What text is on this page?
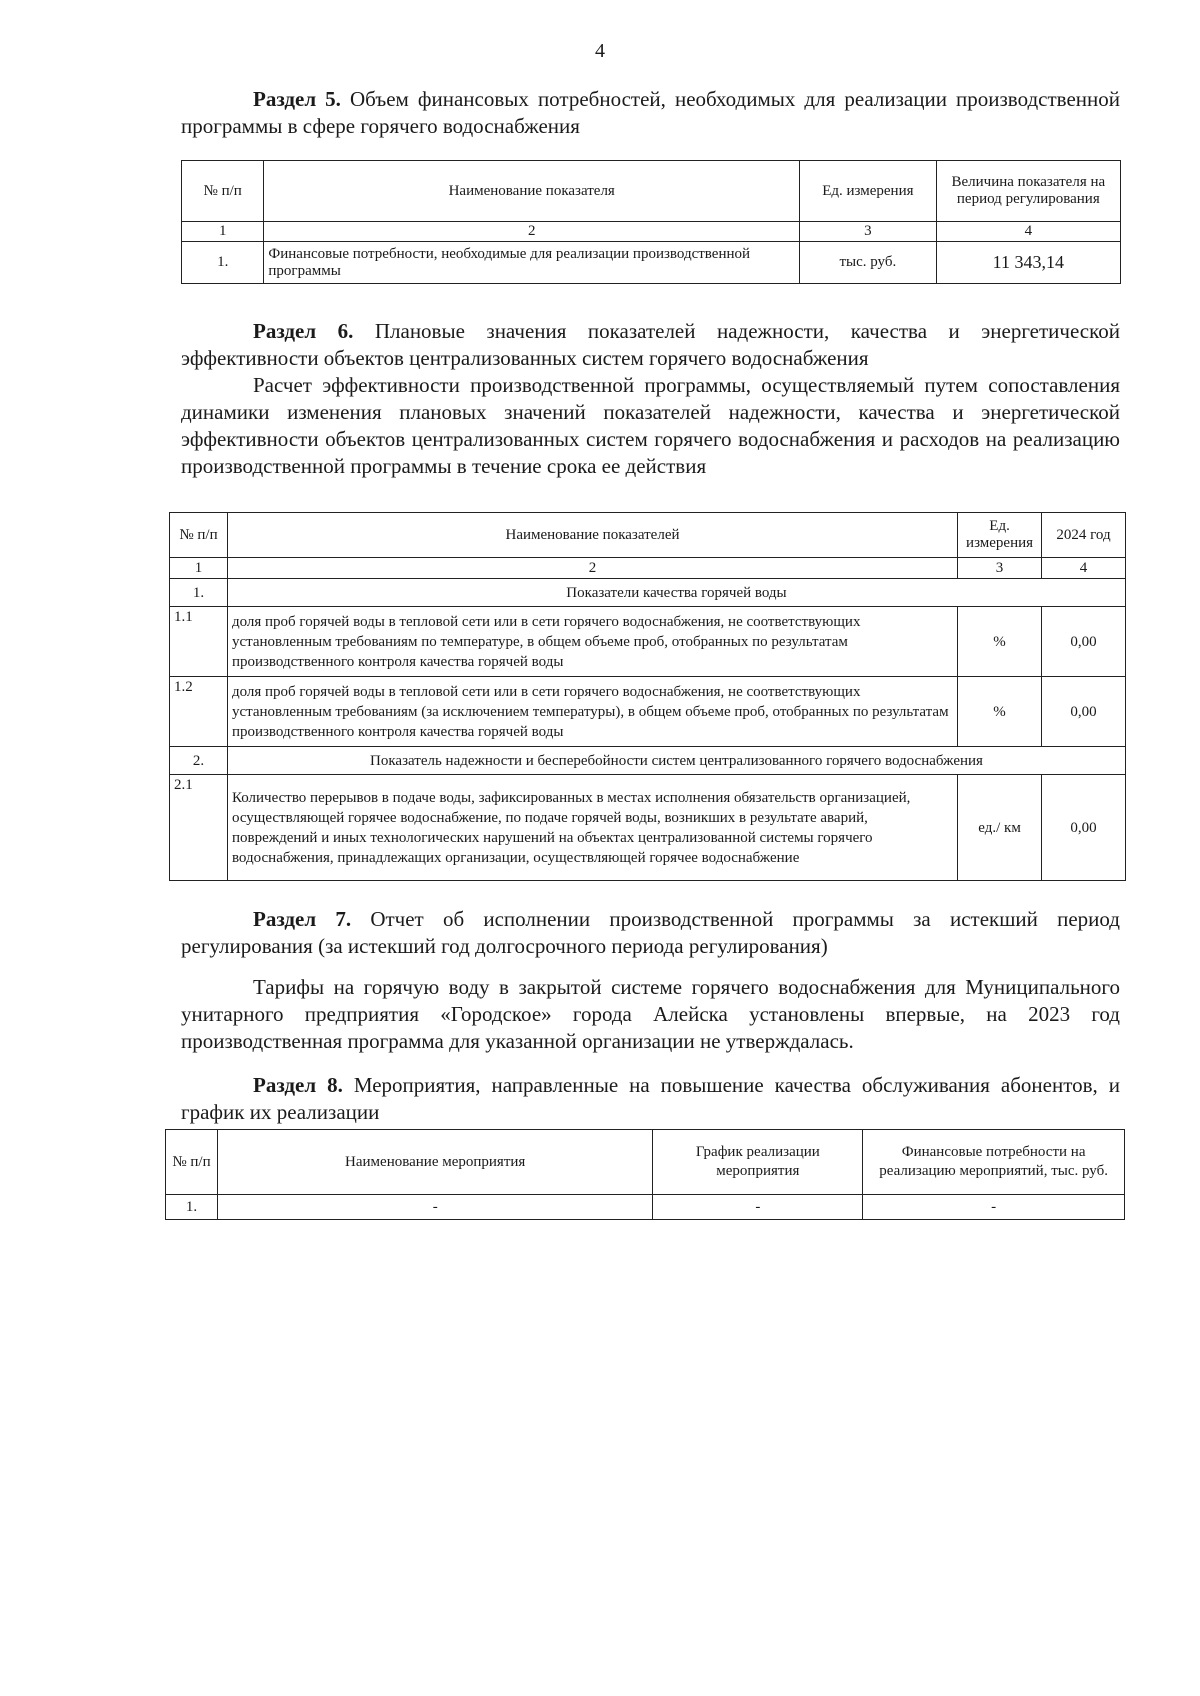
4
Раздел 5. Объем финансовых потребностей, необходимых для реализации производственной программы в сфере горячего водоснабжения
№ п/п	Наименование показателя	Ед. измерения	Величина показателя на период регулирования
1	2	3	4
1.	Финансовые потребности, необходимые для реализации производственной программы	тыс. руб.	11 343,14
Раздел 6. Плановые значения показателей надежности, качества и энергетической эффективности объектов централизованных систем горячего водоснабжения
Расчет эффективности производственной программы, осуществляемый путем сопоставления динамики изменения плановых значений показателей надежности, качества и энергетической эффективности объектов централизованных систем горячего водоснабжения и расходов на реализацию производственной программы в течение срока ее действия
№ п/п	Наименование показателей	Ед. измерения	2024 год
1	2	3	4
1.	Показатели качества горячей воды		
1.1	доля проб горячей воды в тепловой сети или в сети горячего водоснабжения, не соответствующих установленным требованиям по температуре, в общем объеме проб, отобранных по результатам производственного контроля качества горячей воды	%	0,00
1.2	доля проб горячей воды в тепловой сети или в сети горячего водоснабжения, не соответствующих установленным требованиям (за исключением температуры), в общем объеме проб, отобранных по результатам производственного контроля качества горячей воды	%	0,00
2.	Показатель надежности и бесперебойности систем централизованного горячего водоснабжения		
2.1	Количество перерывов в подаче воды, зафиксированных в местах исполнения обязательств организацией, осуществляющей горячее водоснабжение, по подаче горячей воды, возникших в результате аварий, повреждений и иных технологических нарушений на объектах централизованной системы горячего водоснабжения, принадлежащих организации, осуществляющей горячее водоснабжение	ед./ км	0,00
Раздел 7. Отчет об исполнении производственной программы за истекший период регулирования (за истекший год долгосрочного периода регулирования)
Тарифы на горячую воду в закрытой системе горячего водоснабжения для Муниципального унитарного предприятия «Городское» города Алейска установлены впервые, на 2023 год производственная программа для указанной организации не утверждалась.
Раздел 8. Мероприятия, направленные на повышение качества обслуживания абонентов, и график их реализации
№ п/п	Наименование мероприятия	График реализации мероприятия	Финансовые потребности на реализацию мероприятий, тыс. руб.
1.	-	-	-
